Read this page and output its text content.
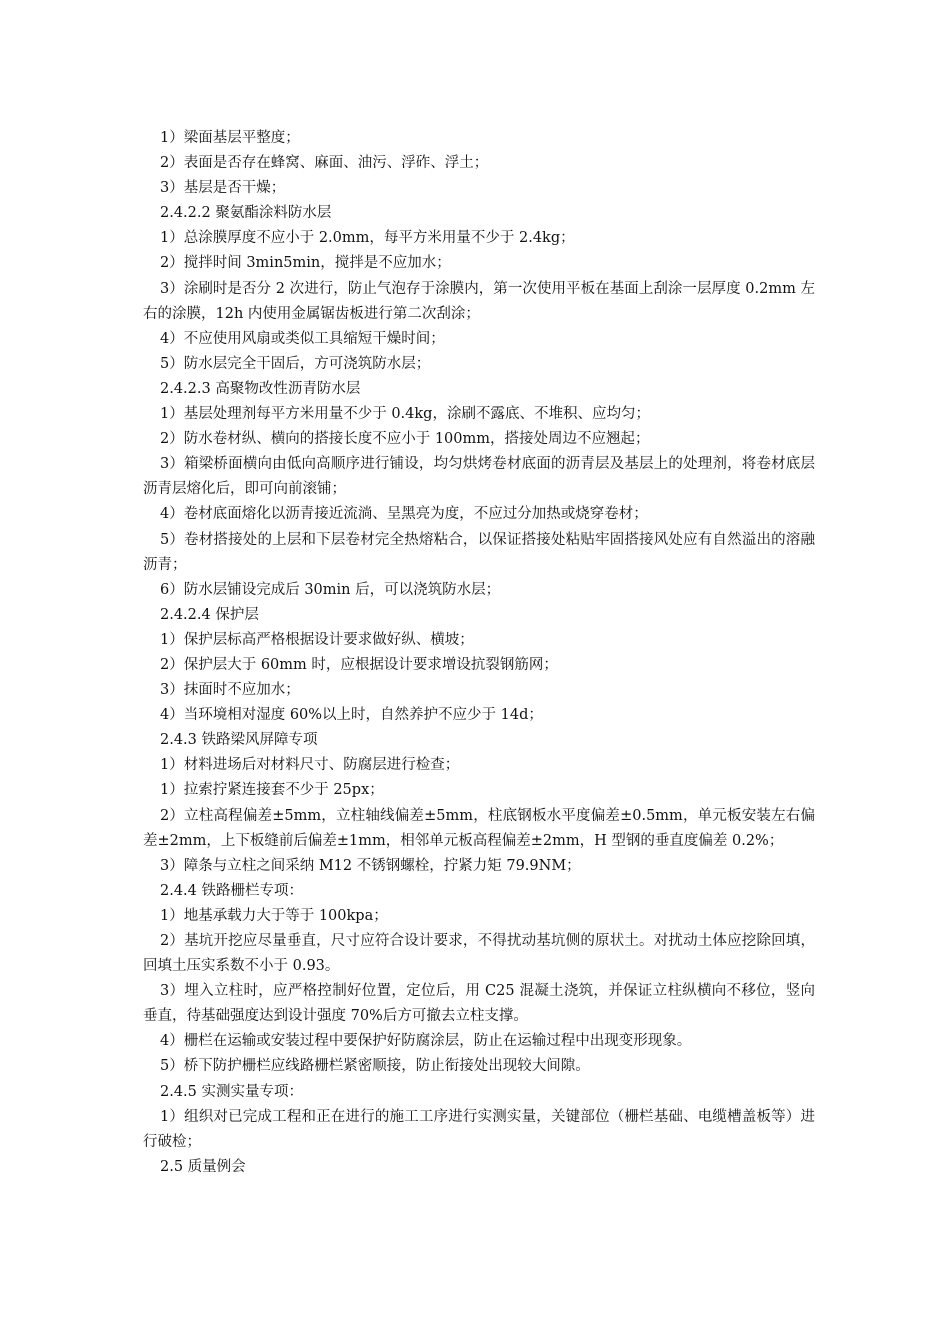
1）梁面基层平整度；

2）表面是否存在蜂窝、麻面、油污、浮砟、浮土；

3）基层是否干燥；

2.4.2.2 聚氨酯涂料防水层

1）总涂膜厚度不应小于 2.0mm，每平方米用量不少于 2.4kg；

2）搅拌时间 3min5min，搅拌是不应加水；

3）涂刷时是否分 2 次进行，防止气泡存于涂膜内，第一次使用平板在基面上刮涂一层厚度 0.2mm 左右的涂膜，12h 内使用金属锯齿板进行第二次刮涂；

4）不应使用风扇或类似工具缩短干燥时间；

5）防水层完全干固后，方可浇筑防水层；

2.4.2.3 高聚物改性沥青防水层

1）基层处理剂每平方米用量不少于 0.4kg，涂刷不露底、不堆积、应均匀；

2）防水卷材纵、横向的搭接长度不应小于 100mm，搭接处周边不应翘起；

3）箱梁桥面横向由低向高顺序进行铺设，均匀烘烤卷材底面的沥青层及基层上的处理剂，将卷材底层沥青层熔化后，即可向前滚铺；

4）卷材底面熔化以沥青接近流淌、呈黑亮为度，不应过分加热或烧穿卷材；

5）卷材搭接处的上层和下层卷材完全热熔粘合，以保证搭接处粘贴牢固搭接风处应有自然溢出的溶融沥青；

6）防水层铺设完成后 30min 后，可以浇筑防水层；

2.4.2.4 保护层

1）保护层标高严格根据设计要求做好纵、横坡；

2）保护层大于 60mm 时，应根据设计要求增设抗裂钢筋网；

3）抹面时不应加水；

4）当环境相对湿度 60%以上时，自然养护不应少于 14d；

2.4.3 铁路梁风屏障专项

1）材料进场后对材料尺寸、防腐层进行检查；

1）拉索拧紧连接套不少于 25px；

2）立柱高程偏差±5mm，立柱轴线偏差±5mm，柱底钢板水平度偏差±0.5mm，单元板安装左右偏差±2mm，上下板缝前后偏差±1mm，相邻单元板高程偏差±2mm，H 型钢的垂直度偏差 0.2%；

3）障条与立柱之间采纳 M12 不锈钢螺栓，拧紧力矩 79.9NM；

2.4.4 铁路栅栏专项：

1）地基承载力大于等于 100kpa；

2）基坑开挖应尽量垂直，尺寸应符合设计要求，不得扰动基坑侧的原状土。对扰动土体应挖除回填，回填土压实系数不小于 0.93。

3）埋入立柱时，应严格控制好位置，定位后，用 C25 混凝土浇筑，并保证立柱纵横向不移位，竖向垂直，待基础强度达到设计强度 70%后方可撤去立柱支撑。

4）栅栏在运输或安装过程中要保护好防腐涂层，防止在运输过程中出现变形现象。

5）桥下防护栅栏应线路栅栏紧密顺接，防止衔接处出现较大间隙。

2.4.5 实测实量专项：

1）组织对已完成工程和正在进行的施工工序进行实测实量，关键部位（栅栏基础、电缆槽盖板等）进行破检；

2.5 质量例会
